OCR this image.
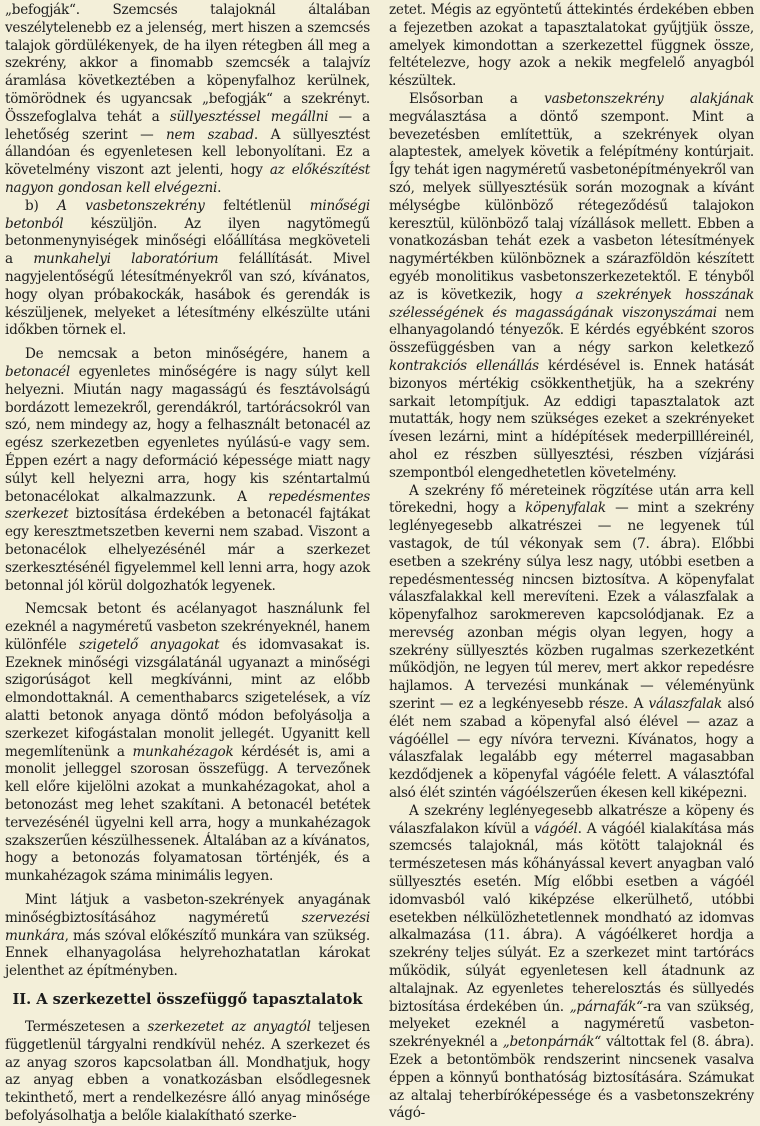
„befogják“. Szemcsés talajoknál általában veszélytelenebb ez a jelenség, mert hiszen a szemcsés talajok gördülékenyek, de ha ilyen rétegben áll meg a szekrény, akkor a finomabb szemcsék a talajvíz áramlása következtében a köpenyfalhoz kerülnek, tömörödnek és ugyancsak „befogják“ a szekrényt. Összefoglalva tehát a süllyesztéssel megállni — a lehetőség szerint — nem szabad. A süllyesztést állandóan és egyenletesen kell lebonyolítani. Ez a követelmény viszont azt jelenti, hogy az előkészítést nagyon gondosan kell elvégezni.

b) A vasbetonszekrény feltétlenül minőségi betonból készüljön. Az ilyen nagytömegű betonmenynyiségek minőségi előállítása megköveteli a munkahelyi laboratórium felállítását. Mivel nagyjelentőségű létesítményekről van szó, kívánatos, hogy olyan próbakockák, hasábok és gerendák is készüljenek, melyeket a létesítmény elkészülte utáni időkben törnek el.

De nemcsak a beton minőségére, hanem a betonacél egyenletes minőségére is nagy súlyt kell helyezni. Miután nagy magasságú és fesztávolságú bordázott lemezekről, gerendákról, tartórácsokról van szó, nem mindegy az, hogy a felhasznált betonacél az egész szerkezetben egyenletes nyúlású-e vagy sem. Éppen ezért a nagy deformáció képessége miatt nagy súlyt kell helyezni arra, hogy kis széntartalmú betonacélokat alkalmazzunk. A repedésmentes szerkezet biztosítása érdekében a betonacél fajtákat egy keresztmetszetben keverni nem szabad. Viszont a betonacélok elhelyezésénél már a szerkezet szerkesztésénél figyelemmel kell lenni arra, hogy azok betonnal jól körül dolgozhatók legyenek.

Nemcsak betont és acélanyagot használunk fel ezeknél a nagyméretű vasbeton szekrényeknél, hanem különféle szigetelő anyagokat és idomvasakat is. Ezeknek minőségi vizsgálatánál ugyanazt a minőségi szigorúságot kell megkívánni, mint az előbb elmondottaknál. A cementhabarcs szigetelések, a víz alatti betonok anyaga döntő módon befolyásolja a szerkezet kifogástalan monolit jellegét. Ugyanitt kell megemlítenünk a munkahézagok kérdését is, ami a monolit jelleggel szorosan összefügg. A tervezőnek kell előre kijelölni azokat a munkahézagokat, ahol a betonozást meg lehet szakítani. A betonacél betétek tervezésénél ügyelni kell arra, hogy a munkahézagok szakszerűen készülhessenek. Általában az a kívánatos, hogy a betonozás folyamatosan történjék, és a munkahézagok száma minimális legyen.

Mint látjuk a vasbeton-szekrények anyagának minőségbiztosításához nagyméretű szervezési munkára, más szóval előkészítő munkára van szükség. Ennek elhanyagolása helyrehozhatatlan károkat jelenthet az építményben.

II. A szerkezettel összefüggő tapasztalatok

Természetesen a szerkezetet az anyagtól teljesen függetlenül tárgyalni rendkívül nehéz. A szerkezet és az anyag szoros kapcsolatban áll. Mondhatjuk, hogy az anyag ebben a vonatkozásban elsődlegesnek tekinthető, mert a rendelkezésre álló anyag minősége befolyásolhatja a belőle kialakítható szerke-

zetet. Mégis az egyöntetű áttekintés érdekében ebben a fejezetben azokat a tapasztalatokat gyűjtjük össze, amelyek kimondottan a szerkezettel függnek össze, feltételezve, hogy azok a nekik megfelelő anyagból készültek.

Elsősorban a vasbetonszekrény alakjának megválasztása a döntő szempont. Mint a bevezetésben említettük, a szekrények olyan alaptestek, amelyek követik a felépítmény kontúrjait. Így tehát igen nagyméretű vasbetonépítményekről van szó, melyek süllyesztésük során mozognak a kívánt mélységbe különböző rétegeződésű talajokon keresztül, különböző talaj vízállások mellett. Ebben a vonatkozásban tehát ezek a vasbeton létesítmények nagymértékben különböznek a szárazföldön készített egyéb monolitikus vasbetonszerkezetektől. E tényből az is következik, hogy a szekrények hosszának szélességének és magasságának viszonyszámai nem elhanyagolandó tényezők. E kérdés egyébként szoros összefüggésben van a négy sarkon keletkező kontrakciós ellenállás kérdésével is. Ennek hatását bizonyos mértékig csökkenthetjük, ha a szekrény sarkait letompítjuk. Az eddigi tapasztalatok azt mutatták, hogy nem szükséges ezeket a szekrényeket ívesen lezárni, mint a hídépítések mederpillléreinél, ahol ez részben süllyesztési, részben vízjárási szempontból elengedhetetlen követelmény.

A szekrény fő méreteinek rögzítése után arra kell törekedni, hogy a köpenyfalak — mint a szekrény leglényegesebb alkatrészei — ne legyenek túl vastagok, de túl vékonyak sem (7. ábra). Előbbi esetben a szekrény súlya lesz nagy, utóbbi esetben a repedésmentesség nincsen biztosítva. A köpenyfalat válaszfalakkal kell merevíteni. Ezek a válaszfalak a köpenyfalhoz sarokmereven kapcsolódjanak. Ez a merevség azonban mégis olyan legyen, hogy a szekrény süllyesztés közben rugalmas szerkezetként működjön, ne legyen túl merev, mert akkor repedésre hajlamos. A tervezési munkának — véleményünk szerint — ez a legkényesebb része. A válaszfalak alsó élét nem szabad a köpenyfal alsó élével — azaz a vágóéllel — egy nívóra tervezni. Kívánatos, hogy a válaszfalak legalább egy méterrel magasabban kezdődjenek a köpenyfal vágóéle felett. A választófal alsó élét szintén vágóélszerűen ékesen kell kiképezni.

A szekrény leglényegesebb alkatrésze a köpeny és válaszfalakon kívül a vágóél. A vágóél kialakítása más szemcsés talajoknál, más kötött talajoknál és természetesen más kőhányással kevert anyagban való süllyesztés esetén. Míg előbbi esetben a vágóél idomvasból való kiképzése elkerülhető, utóbbi esetekben nélkülözhetetlennek mondható az idomvas alkalmazása (11. ábra). A vágóélkeret hordja a szekrény teljes súlyát. Ez a szerkezet mint tartórács működik, súlyát egyenletesen kell átadnunk az altalajnak. Az egyenletes teherelosztás és süllyedés biztosítása érdekében ún. „párnafák“-ra van szükség, melyeket ezeknél a nagyméretű vasbeton-szekrényeknél a „betonpárnák“ váltottak fel (8. ábra). Ezek a betontömbök rendszerint nincsenek vasalva éppen a könnyű bonthatóság biztosítására. Számukat az altalaj teherbíróképessége és a vasbetonszekrény vágó-
